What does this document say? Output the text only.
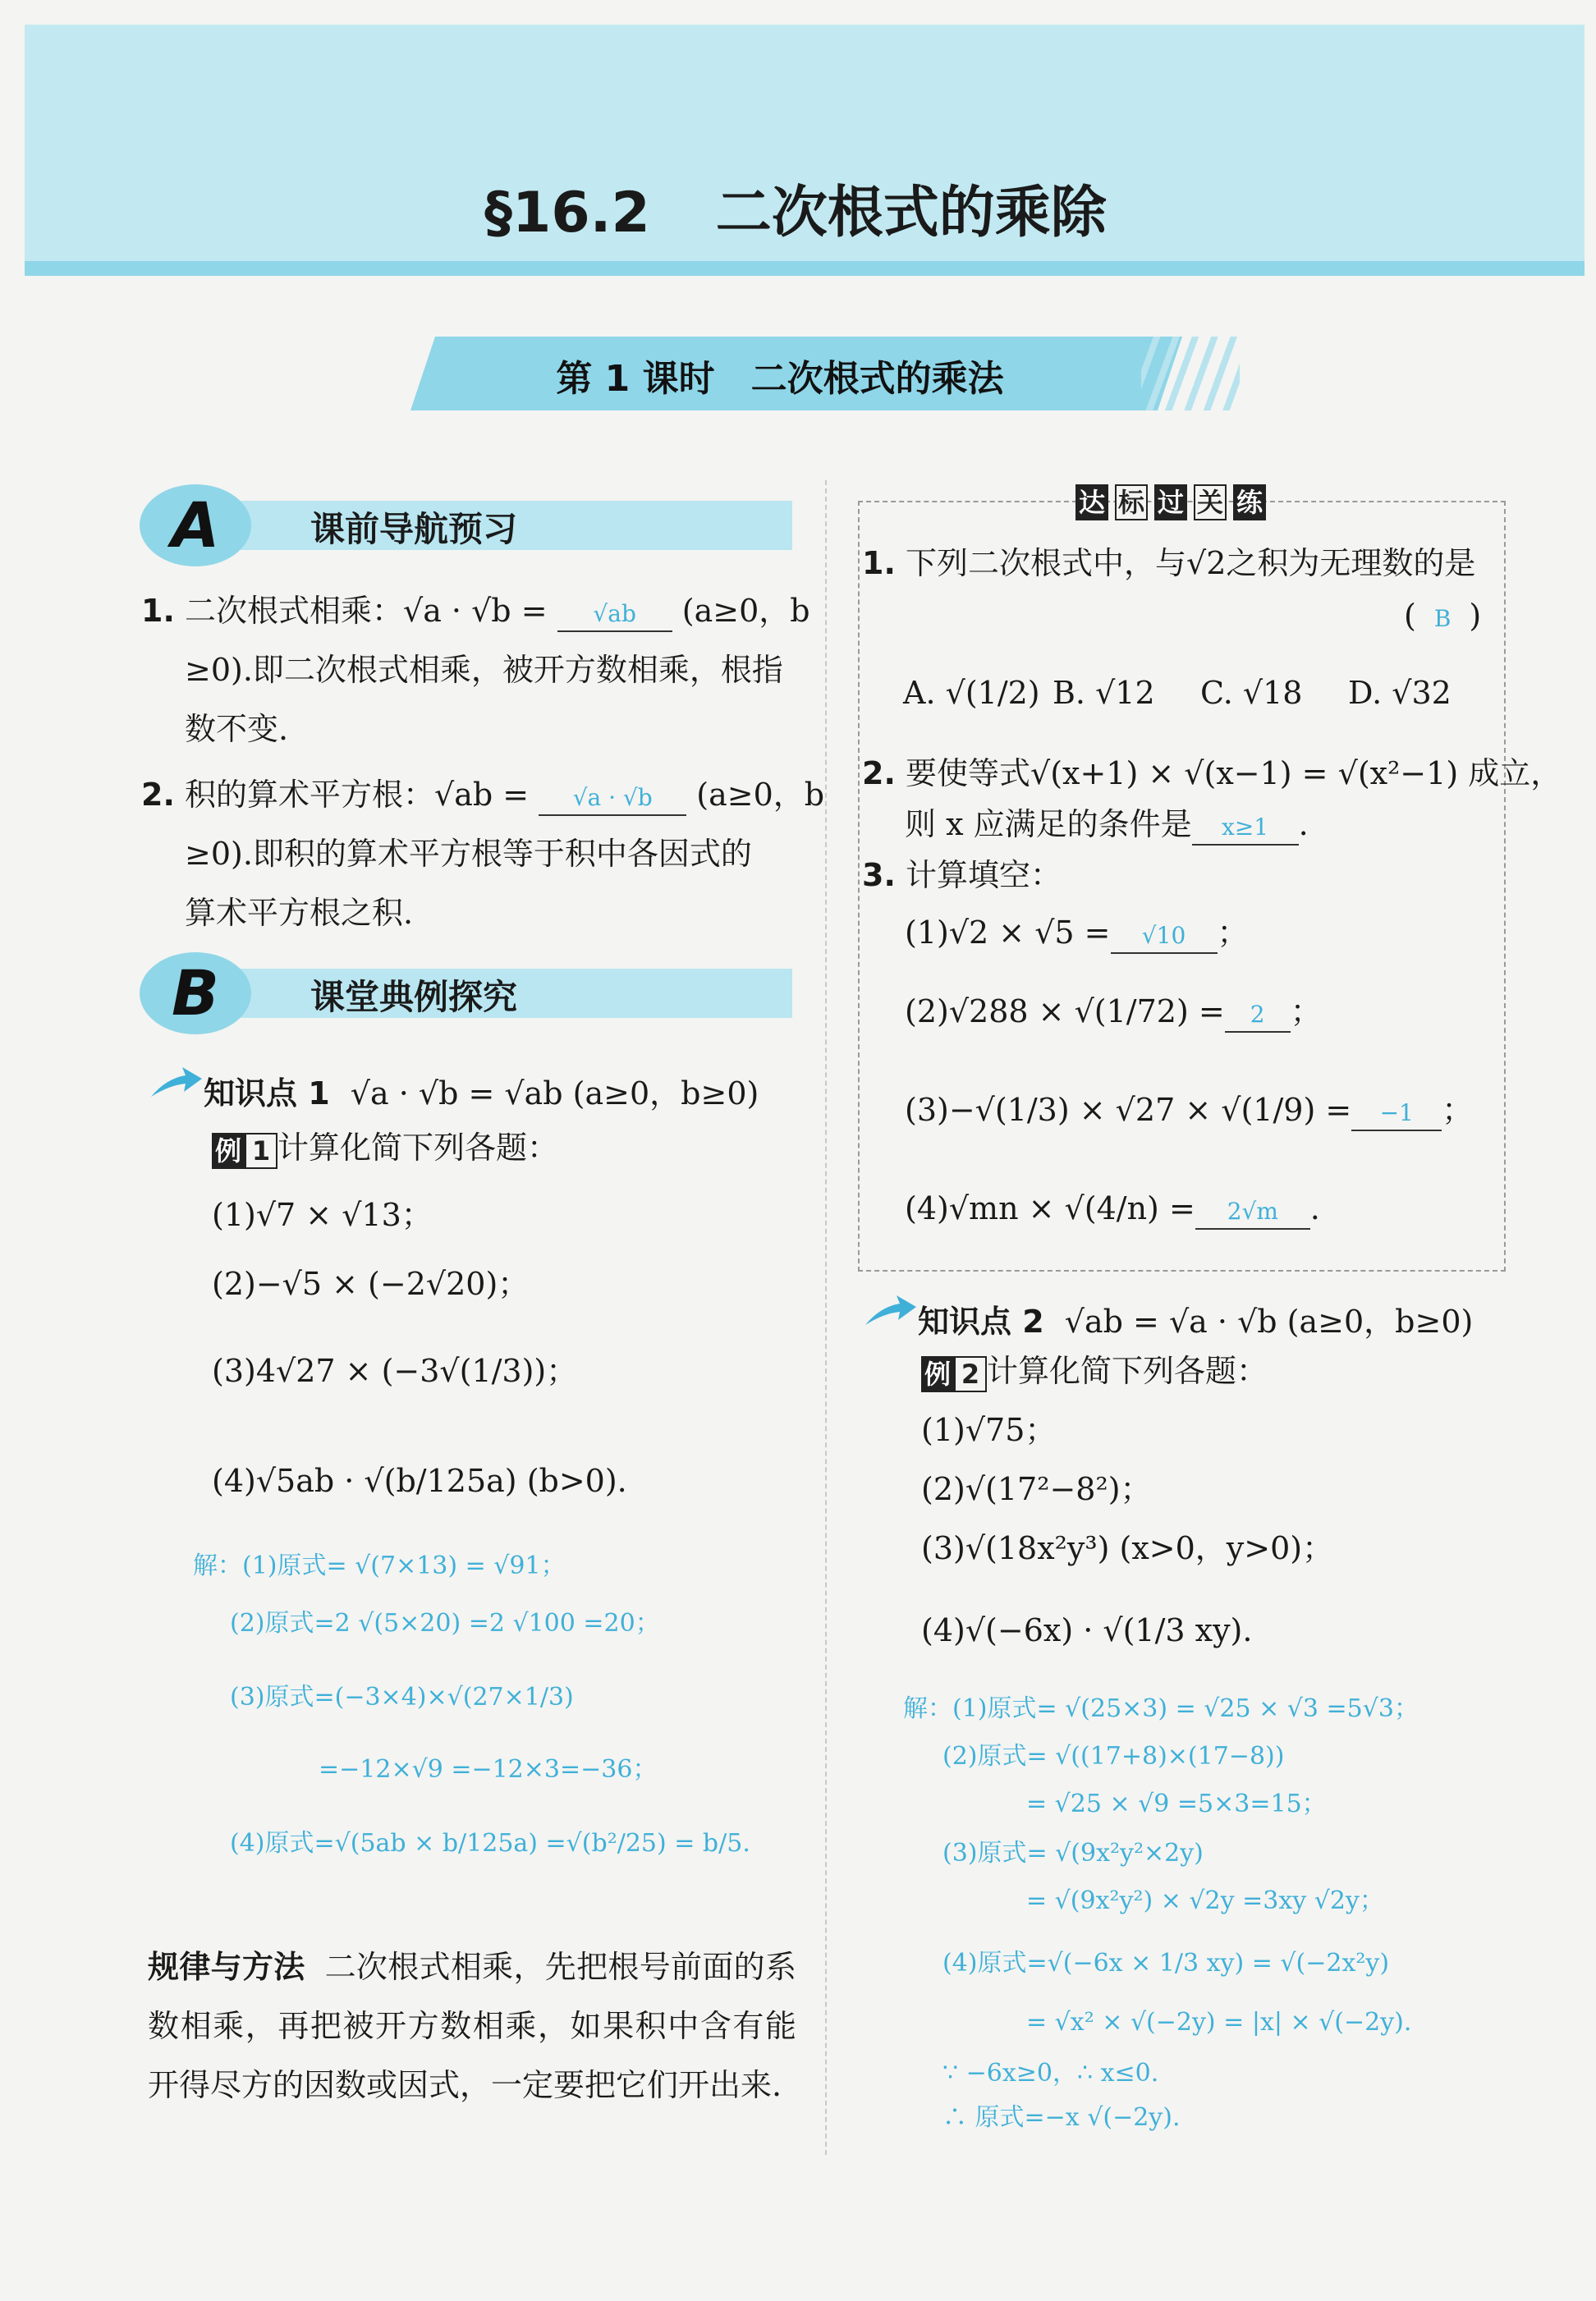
§16.2 二次根式的乘除
第 1 课时　二次根式的乘法
A	课前导航预习
1. 二次根式相乘：√a · √b = √ab (a≥0，b
≥0).即二次根式相乘，被开方数相乘，根指
数不变.
2. 积的算术平方根：√ab = √a · √b (a≥0，b
≥0).即积的算术平方根等于积中各因式的
算术平方根之积.
B	课堂典例探究
知识点 1 √a · √b = √ab (a≥0，b≥0)
例 1 计算化简下列各题：
(1)√7 × √13；
(2)−√5 × (−2√20)；
(3)4√27 × (−3√(1/3))；
(4)√5ab · √(b/125a) (b>0).
解：(1)原式= √(7×13) = √91；
(2)原式=2 √(5×20) =2 √100 =20；
(3)原式=(−3×4)×√(27×1/3)
=−12×√9 =−12×3=−36；
(4)原式=√(5ab × b/125a) =√(b²/25) = b/5.
规律与方法 二次根式相乘，先把根号前面的系数相乘，再把被开方数相乘，如果积中含有能开得尽方的因数或因式，一定要把它们开出来.
达 标 过 关 练
1. 下列二次根式中，与√2之积为无理数的是
( B )
A. √(1/2) B. √12 C. √18 D. √32
2. 要使等式√(x+1) × √(x−1) = √(x²−1) 成立，
则 x 应满足的条件是 x≥1 .
3. 计算填空：
(1)√2 × √5 = √10 ；
(2)√288 × √(1/72) = 2 ；
(3)−√(1/3) × √27 × √(1/9) = −1 ；
(4)√mn × √(4/n) = 2√m .
知识点 2 √ab = √a · √b (a≥0，b≥0)
例 2 计算化简下列各题：
(1)√75；
(2)√(17²−8²)；
(3)√(18x²y³) (x>0，y>0)；
(4)√(−6x) · √(1/3 xy).
解：(1)原式= √(25×3) = √25 × √3 =5√3；
(2)原式= √((17+8)×(17−8))
= √25 × √9 =5×3=15；
(3)原式= √(9x²y²×2y)
= √(9x²y²) × √2y =3xy √2y；
(4)原式=√(−6x × 1/3 xy) = √(−2x²y)
= √x² × √(−2y) = |x| × √(−2y).
∵ −6x≥0，∴ x≤0.
∴ 原式=−x √(−2y).
